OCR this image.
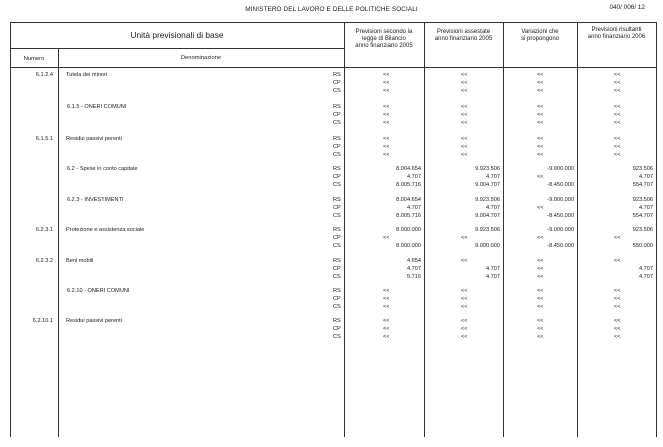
MINISTERO DEL LAVORO E DELLE POLITICHE SOCIALI	040/ 006/ 12
Unità previsionali di base
Numero	Denominazione
Previsioni secondo la
legge di Bilancio
anno finanziario 2005
Previsioni assestate
anno finanziario 2005
Variazioni che
si propongono
Previsioni risultanti
anno finanziario 2006
6.1.2.4 Tutela dei minori	RS	<<	<<	<<	<<
CP	<<	<<	<<	<<
CS	<<	<<	<<	<<
6.1.5 - ONERI COMUNI	RS	<<	<<	<<	<<
CP	<<	<<	<<	<<
CS	<<	<<	<<	<<
6.1.5.1 Residui passivi perenti	RS	<<	<<	<<	<<
CP	<<	<<	<<	<<
CS	<<	<<	<<	<<
6.2 - Spese in conto capitale	RS	8.004.654	9.923.506	-9.000.000	923.506
CP	4.707	4.707	<<	4.707
CS	8.005.716	9.004.707	-8.450.000	554.707
6.2.3 - INVESTIMENTI	RS	8.004.654	9.923.506	-9.000.000	923.506
CP	4.707	4.707	<<	4.707
CS	8.005.716	9.004.707	-8.450.000	554.707
6.2.3.1 Protezione e assistenza sociale	RS	8.000.000	9.923.506	-9.000.000	923.506
CP	<<	<<	<<	<<
CS	8.000.000	9.000.000	-8.450.000	550.000
6.2.3.2 Beni mobili	RS	4.654	<<	<<	<<
CP	4.707	4.707	<<	4.707
CS	5.716	4.707	<<	4.707
6.2.10 - ONERI COMUNI	RS	<<	<<	<<	<<
CP	<<	<<	<<	<<
CS	<<	<<	<<	<<
6.2.10.1 Residui passivi perenti	RS	<<	<<	<<	<<
CP	<<	<<	<<	<<
CS	<<	<<	<<	<<
